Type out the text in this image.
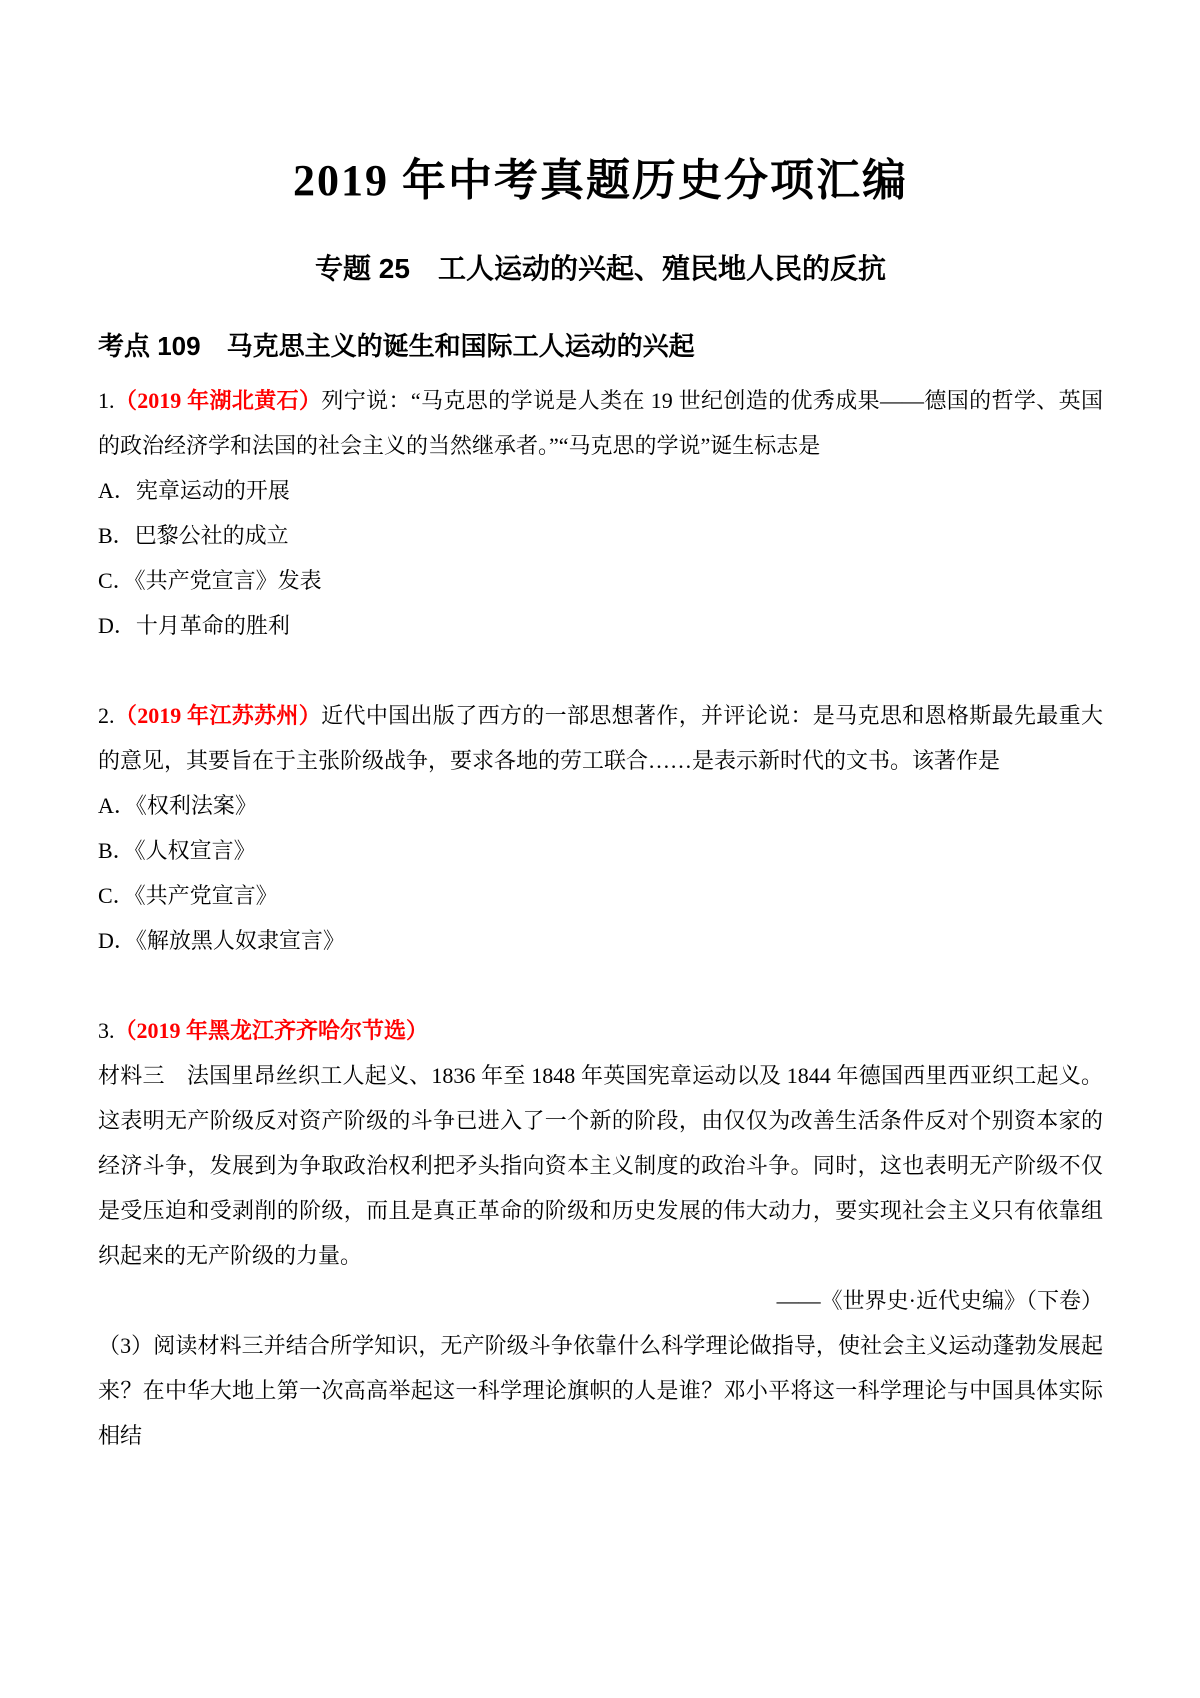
2019 年中考真题历史分项汇编
专题 25　工人运动的兴起、殖民地人民的反抗
考点 109　马克思主义的诞生和国际工人运动的兴起

1.（2019 年湖北黄石）列宁说：“马克思的学说是人类在 19 世纪创造的优秀成果——德国的哲学、英国的政治经济学和法国的社会主义的当然继承者。”“马克思的学说”诞生标志是

A．宪章运动的开展

B．巴黎公社的成立

C．《共产党宣言》发表

D．十月革命的胜利

2.（2019 年江苏苏州）近代中国出版了西方的一部思想著作，并评论说：是马克思和恩格斯最先最重大的意见，其要旨在于主张阶级战争，要求各地的劳工联合……是表示新时代的文书。该著作是

A．《权利法案》

B．《人权宣言》

C．《共产党宣言》

D．《解放黑人奴隶宣言》

3.（2019 年黑龙江齐齐哈尔节选）

材料三　法国里昂丝织工人起义、1836 年至 1848 年英国宪章运动以及 1844 年德国西里西亚织工起义。这表明无产阶级反对资产阶级的斗争已进入了一个新的阶段，由仅仅为改善生活条件反对个别资本家的经济斗争，发展到为争取政治权利把矛头指向资本主义制度的政治斗争。同时，这也表明无产阶级不仅是受压迫和受剥削的阶级，而且是真正革命的阶级和历史发展的伟大动力，要实现社会主义只有依靠组织起来的无产阶级的力量。

——《世界史·近代史编》（下卷）

（3）阅读材料三并结合所学知识，无产阶级斗争依靠什么科学理论做指导，使社会主义运动蓬勃发展起来？在中华大地上第一次高高举起这一科学理论旗帜的人是谁？邓小平将这一科学理论与中国具体实际相结
